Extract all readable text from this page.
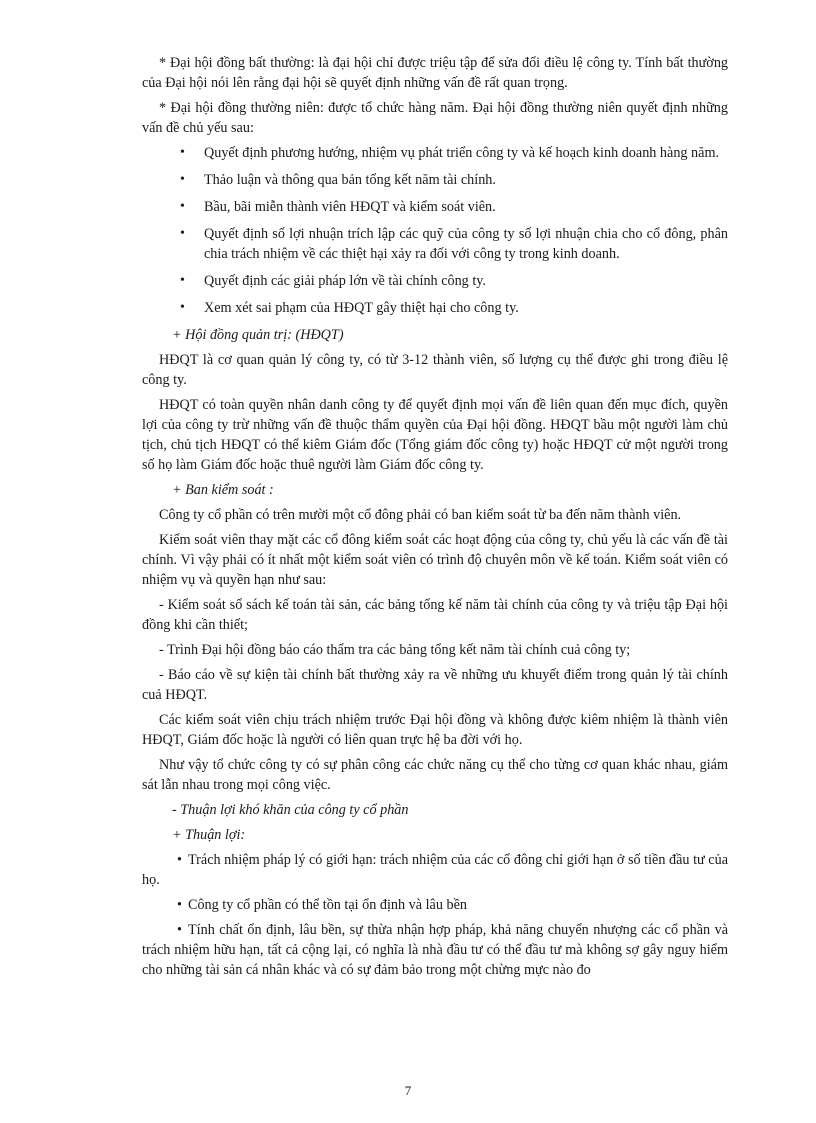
* Đại hội đồng bất thường: là đại hội chỉ được triệu tập để sửa đổi điều lệ công ty. Tính bất thường của Đại hội nói lên rằng đại hội sẽ quyết định những vấn đề rất quan trọng.

* Đại hội đồng thường niên: được tổ chức hàng năm. Đại hội đồng thường niên quyết định những vấn đề chủ yếu sau:

• Quyết định phương hướng, nhiệm vụ phát triển công ty và kế hoạch kinh doanh hàng năm.
• Thảo luận và thông qua bản tổng kết năm tài chính.
• Bầu, bãi miễn thành viên HĐQT và kiểm soát viên.
• Quyết định số lợi nhuận trích lập các quỹ của công ty số lợi nhuận chia cho cổ đông, phân chia trách nhiệm về các thiệt hại xảy ra đối với công ty trong kinh doanh.
• Quyết định các giải pháp lớn về tài chính công ty.
• Xem xét sai phạm của HĐQT gây thiệt hại cho công ty.

+ Hội đồng quản trị: (HĐQT)

HĐQT là cơ quan quản lý công ty, có từ 3-12 thành viên, số lượng cụ thể được ghi trong điều lệ công ty.

HĐQT có toàn quyền nhân danh công ty để quyết định mọi vấn đề liên quan đến mục đích, quyền lợi của công ty trừ những vấn đề thuộc thẩm quyền của Đại hội đồng. HĐQT bầu một người làm chủ tịch, chủ tịch HĐQT có thể kiêm Giám đốc (Tổng giám đốc công ty) hoặc HĐQT cử một người trong số họ làm Giám đốc hoặc thuê người làm Giám đốc công ty.

+ Ban kiểm soát :

Công ty cổ phần có trên mười một cổ đông phải có ban kiểm soát từ ba đến năm thành viên.

Kiểm soát viên thay mặt các cổ đông kiểm soát các hoạt động của công ty, chủ yếu là các vấn đề tài chính. Vì vậy phải có ít nhất một kiểm soát viên có trình độ chuyên môn về kế toán. Kiểm soát viên có nhiệm vụ và quyền hạn như sau:

- Kiểm soát sổ sách kế toán tài sản, các bảng tổng kế năm tài chính của công ty và triệu tập Đại hội đồng khi cần thiết;

- Trình Đại hội đồng báo cáo thẩm tra các bảng tổng kết năm tài chính cuả công ty;

- Báo cáo về sự kiện tài chính bất thường xảy ra về những ưu khuyết điểm trong quản lý tài chính cuả HĐQT.

Các kiểm soát viên chịu trách nhiệm trước Đại hội đồng và không được kiêm nhiệm là thành viên HĐQT, Giám đốc hoặc là người có liên quan trực hệ ba đời với họ.

Như vậy tổ chức công ty có sự phân công các chức năng cụ thể cho từng cơ quan khác nhau, giám sát lẫn nhau trong mọi công việc.

- Thuận lợi khó khăn của công ty cổ phần

+ Thuận lợi:

• Trách nhiệm pháp lý có giới hạn: trách nhiệm của các cổ đông chỉ giới hạn ở số tiền đầu tư của họ.

• Công ty cổ phần có thể tồn tại ổn định và lâu bền

• Tính chất ổn định, lâu bền, sự thừa nhận hợp pháp, khả năng chuyển nhượng các cổ phần và trách nhiệm hữu hạn, tất cả cộng lại, có nghĩa là nhà đầu tư có thể đầu tư mà không sợ gây nguy hiểm cho những tài sản cá nhân khác và có sự đảm bảo trong một chừng mực nào đo

7
